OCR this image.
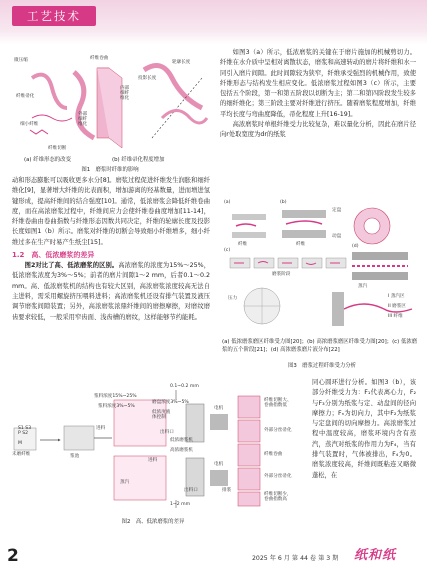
工艺技术
微压缩	纤维卷曲
纤维帚化
内部
细纤
维化
外部
细纤
维化
细小纤维
纤维切断
轮廓长度
投影长度
(a) 纤维形态的改变	(b) 纤维帚化程度增加
图1　磨浆时纤维的影响

动和形态膨胀可以吸收更多水分[8]。磨浆过程促进纤维发生润胀和细纤维化[9]，显著增大纤维的比表面积，增加游离的羟基数量，进而增进氢键形成，提高纤维间的结合强度[10]。通常，低浓磨浆会降低纤维卷曲度，而在高浓磨浆过程中，纤维间应力会使纤维卷曲度增加[11-14]，纤维卷曲由卷曲指数与纤维形态因数共同决定，纤维的轮廓长度及投影长度如图1（b）所示。磨浆对纤维的切断会导致细小纤维增多，细小纤维过多在生产时易产生纸尘[15]。

1.2　高、低浓磨浆的差异

图2对比了高、低浓磨浆的区别。高浓磨浆的浓度为15%～25%，低浓磨浆浓度为3%～5%；前者的磨片间隙1～2 mm，后者0.1～0.2 mm。高、低浓磨浆机的结构也有较大区别，高浓磨浆浓度较高无法自主进料，需采用螺旋挤压喂料进料；高浓磨浆机还设有排气装置及液压调节磨浆间隙装置；另外，高浓磨浆浓鼎纤维间的磨擦摩擦，对磨纹磨齿要求较低，一般采用窄齿面、浅齿槽的磨纹，这样能够节约能耗。

如图3（a）所示，低浓磨浆的关键在于磨片施加的机械剪切力。纤维在水介质中呈相对离散状态，磨浆和高速转动的磨片将纤维和水一同引入磨片间隙。此时间隙较为狭窄，纤维承受强烈的机械作用，致使纤维形态与结构发生相应变化。低浓磨浆过程如图3（c）所示，主要包括五个阶段，第一和第五阶段以切断为主；第二和第四阶段发生较多的细纤维化；第三阶段主要对纤维进行挤压。随着磨浆程度增加，纤维平均长度与弯曲度降低，帚化程度上升[16-19]。

高浓磨浆时单根纤维受力比较复杂，难以量化分析，因此在磨片径向r处取宽度为dr的纸浆

(a)	(b)
(c)
(d)
定盘
动盘
纤维	纤维
磨浆阶段
压力
蒸汽
I 蒸汽区
II 磨浆区
III 纤维
(a) 低浓磨浆磨区纤维受力图[20]；(b) 高浓磨浆磨区纤维受力图[20]；(c) 低浓磨浆的五个阶段[21]；(d) 高浓磨浆磨片液分布[22]
图3　磨浆过程纤维受力分析
0.1~0.2 mm
1~2 mm
电机
电机
浆料浓度15%~25%
浆料浓度3%~5%
磨盘浓度3%~5%
低浓度液
体控制
出料口
低浓磨浆机
高浓磨浆机
蒸汽
出料口	排浆
进料
进料
S1 S3
P S2

M
未磨纤维	浆池
纤维切断大、
卷曲指数低
外部分丝帚化
纤维卷曲
外部分丝帚化
纤维切断少，
卷曲指数高
图2　高、低浓磨浆的差异

同心圆环进行分析。如图3（b），该部分纤维受力为：F₁代表离心力，F₂与F₃分别为纸浆与定、动盘间的径向摩擦力；Fₙ为切向力，其中F₂为纸浆与定盘间的切向摩擦力。高浓磨浆过程中温度较高，磨浆环境内含有蒸汽，蒸汽对纸浆的作用力为F₄，当有排气装置时，气体被排出，F₄为0。磨浆浓度较高，纤维间既粘连又略微蓬松，在

2	2025 年 6 月 第 44 卷 第 3 期 纸和纸
